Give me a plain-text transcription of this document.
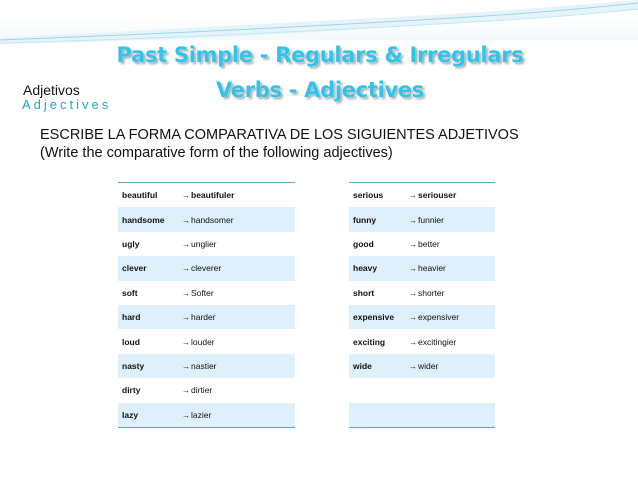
Past Simple - Regulars & Irregulars
Verbs - Adjectives
Adjetivos
Adjectives
ESCRIBE LA FORMA COMPARATIVA DE LOS SIGUIENTES ADJETIVOS
(Write the comparative form of the following adjectives)
beautiful	→beautifuler
handsome	→handsomer
ugly	→unglier
clever	→cleverer
soft	→Softer
hard	→harder
loud	→louder
nasty	→nastier
dirty	→dirtier
lazy	→lazier
serious	→seriouser
funny	→funnier
good	→better
heavy	→heavier
short	→shorter
expensive	→expensiver
exciting	→excitingier
wide	→wider
